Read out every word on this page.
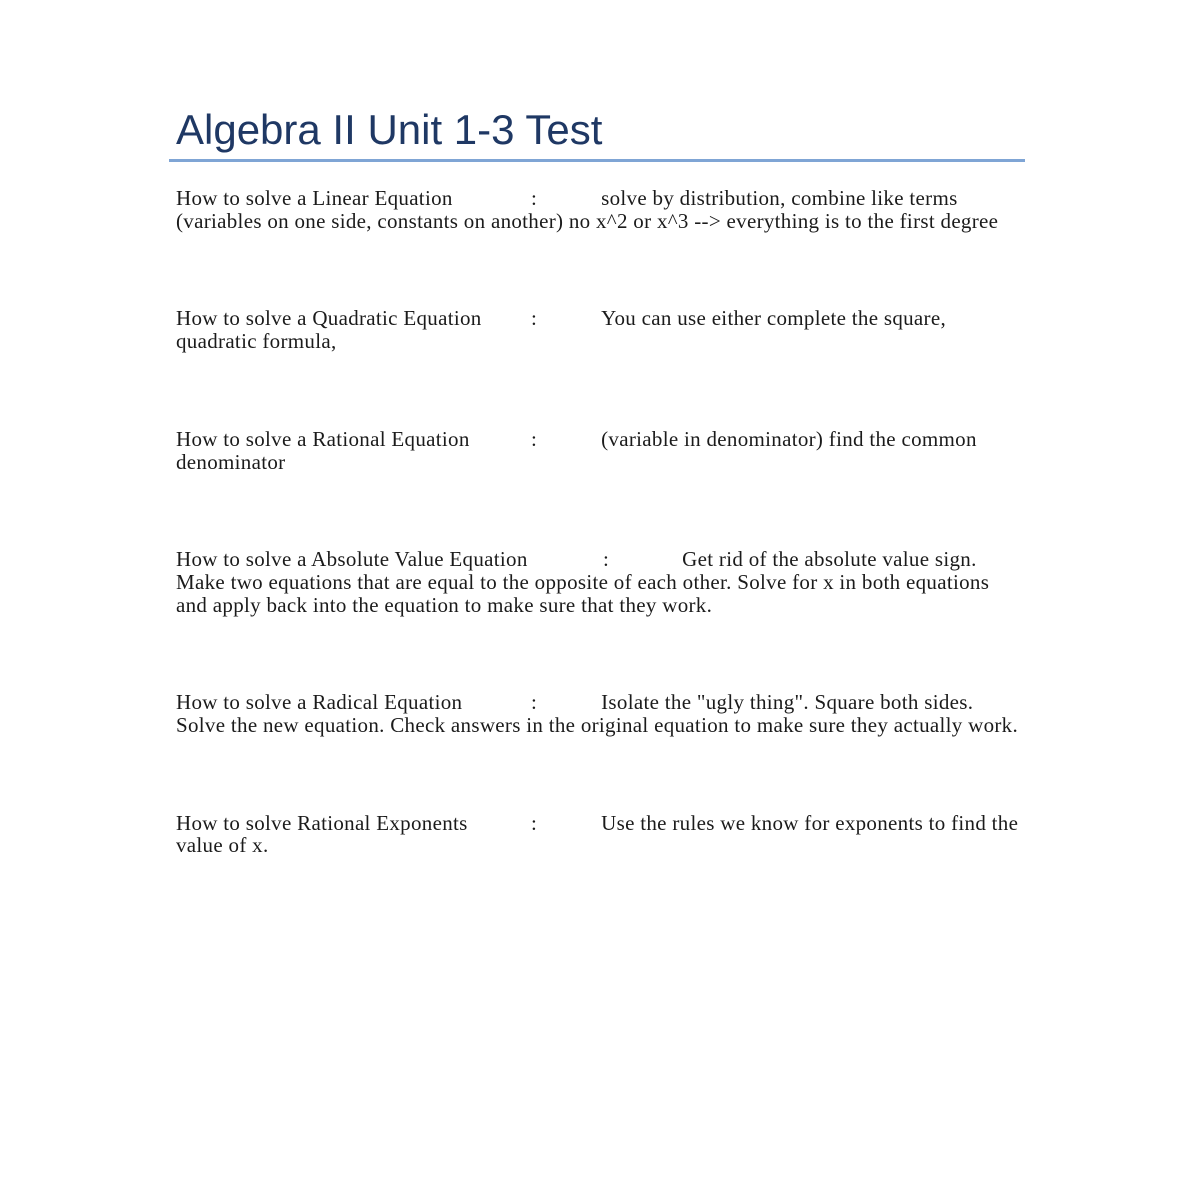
Algebra II Unit 1-3 Test

How to solve a Linear Equation	:	solve by distribution, combine like terms (variables on one side, constants on another) no x^2 or x^3 --> everything is to the first degree

How to solve a Quadratic Equation :	You can use either complete the square, quadratic formula,

How to solve a Rational Equation	:	(variable in denominator) find the common denominator

How to solve a Absolute Value Equation	:	Get rid of the absolute value sign. Make two equations that are equal to the opposite of each other. Solve for x in both equations and apply back into the equation to make sure that they work.

How to solve a Radical Equation	:	Isolate the "ugly thing". Square both sides. Solve the new equation. Check answers in the original equation to make sure they actually work.

How to solve Rational Exponents	:	Use the rules we know for exponents to find the value of x.
